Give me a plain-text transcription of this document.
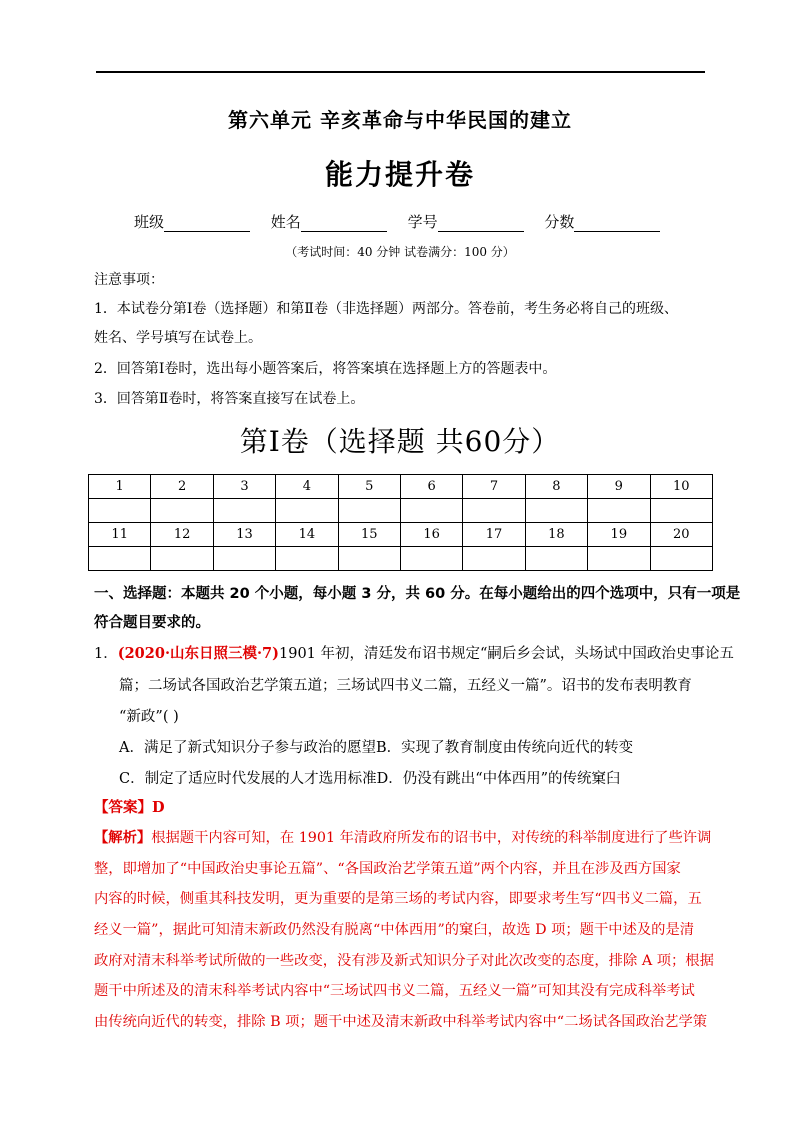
第六单元 辛亥革命与中华民国的建立
能力提升卷
班级	姓名	学号	分数
（考试时间：40 分钟 试卷满分：100 分）
注意事项：
1．本试卷分第Ⅰ卷（选择题）和第Ⅱ卷（非选择题）两部分。答卷前，考生务必将自己的班级、
姓名、学号填写在试卷上。
2．回答第Ⅰ卷时，选出每小题答案后，将答案填在选择题上方的答题表中。
3．回答第Ⅱ卷时，将答案直接写在试卷上。
第Ⅰ卷（选择题 共60分）
1	2	3	4	5	6	7	8	9	10

11	12	13	14	15	16	17	18	19	20

一、选择题：本题共 20 个小题，每小题 3 分，共 60 分。在每小题给出的四个选项中，只有一项是
符合题目要求的。
1．(2020·山东日照三模·7)1901 年初，清廷发布诏书规定“嗣后乡会试，头场试中国政治史事论五
篇；二场试各国政治艺学策五道；三场试四书义二篇，五经义一篇”。诏书的发布表明教育
“新政”( )
A．满足了新式知识分子参与政治的愿望B．实现了教育制度由传统向近代的转变
C．制定了适应时代发展的人才选用标准D．仍没有跳出“中体西用”的传统窠臼
【答案】D
【解析】根据题干内容可知，在 1901 年清政府所发布的诏书中，对传统的科举制度进行了些许调
整，即增加了“中国政治史事论五篇”、“各国政治艺学策五道”两个内容，并且在涉及西方国家
内容的时候，侧重其科技发明，更为重要的是第三场的考试内容，即要求考生写“四书义二篇，五
经义一篇”，据此可知清末新政仍然没有脱离“中体西用”的窠臼，故选 D 项；题干中述及的是清
政府对清末科举考试所做的一些改变，没有涉及新式知识分子对此次改变的态度，排除 A 项；根据
题干中所述及的清末科举考试内容中“三场试四书义二篇，五经义一篇”可知其没有完成科举考试
由传统向近代的转变，排除 B 项；题干中述及清末新政中科举考试内容中“二场试各国政治艺学策
